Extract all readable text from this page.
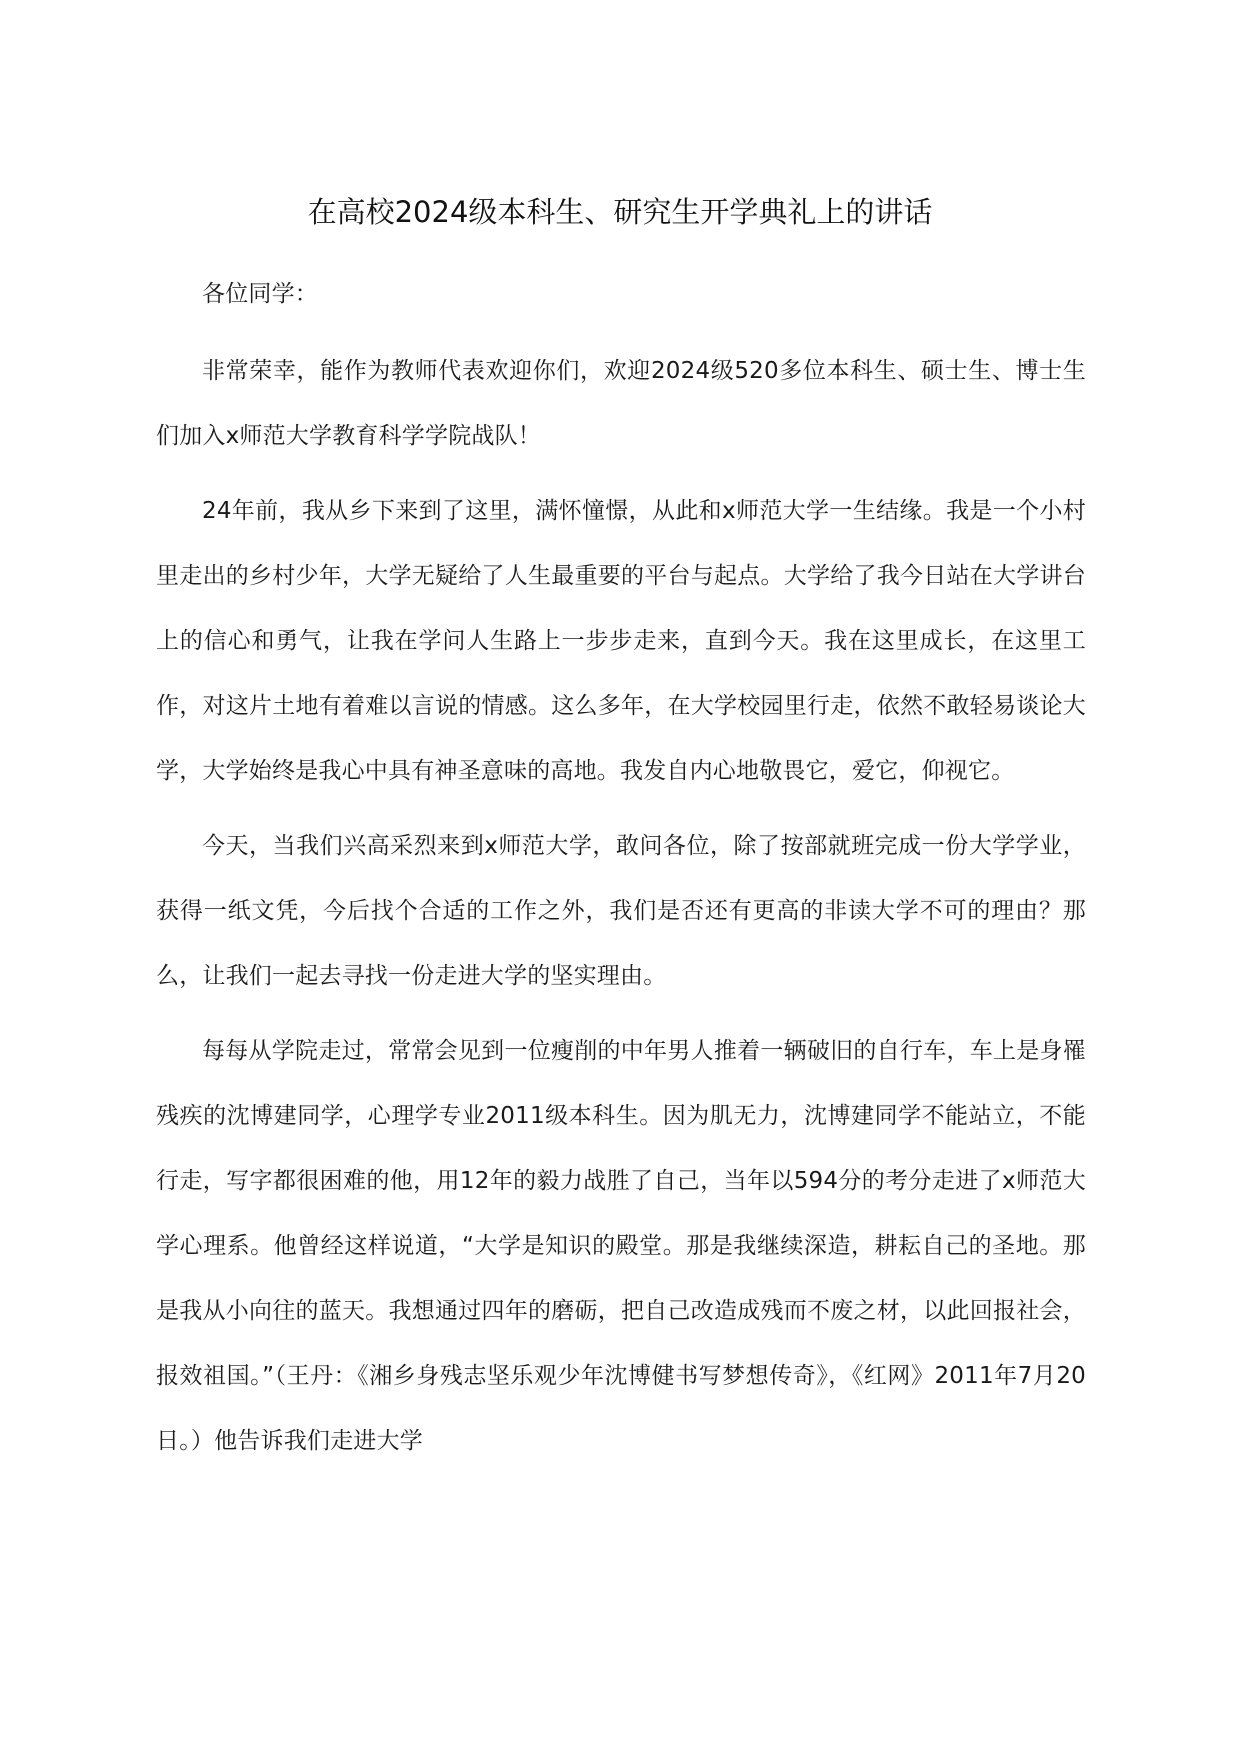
在高校2024级本科生、研究生开学典礼上的讲话

各位同学：

非常荣幸，能作为教师代表欢迎你们，欢迎2024级520多位本科生、硕士生、博士生们加入x师范大学教育科学学院战队！

24年前，我从乡下来到了这里，满怀憧憬，从此和x师范大学一生结缘。我是一个小村里走出的乡村少年，大学无疑给了人生最重要的平台与起点。大学给了我今日站在大学讲台上的信心和勇气，让我在学问人生路上一步步走来，直到今天。我在这里成长，在这里工作，对这片土地有着难以言说的情感。这么多年，在大学校园里行走，依然不敢轻易谈论大学，大学始终是我心中具有神圣意味的高地。我发自内心地敬畏它，爱它，仰视它。

今天，当我们兴高采烈来到x师范大学，敢问各位，除了按部就班完成一份大学学业，获得一纸文凭，今后找个合适的工作之外，我们是否还有更高的非读大学不可的理由？那么，让我们一起去寻找一份走进大学的坚实理由。

每每从学院走过，常常会见到一位瘦削的中年男人推着一辆破旧的自行车，车上是身罹残疾的沈博建同学，心理学专业2011级本科生。因为肌无力，沈博建同学不能站立，不能行走，写字都很困难的他，用12年的毅力战胜了自己，当年以594分的考分走进了x师范大学心理系。他曾经这样说道，“大学是知识的殿堂。那是我继续深造，耕耘自己的圣地。那是我从小向往的蓝天。我想通过四年的磨砺，把自己改造成残而不废之材，以此回报社会，报效祖国。”（王丹：《湘乡身残志坚乐观少年沈博健书写梦想传奇》，《红网》2011年7月20日。）他告诉我们走进大学
